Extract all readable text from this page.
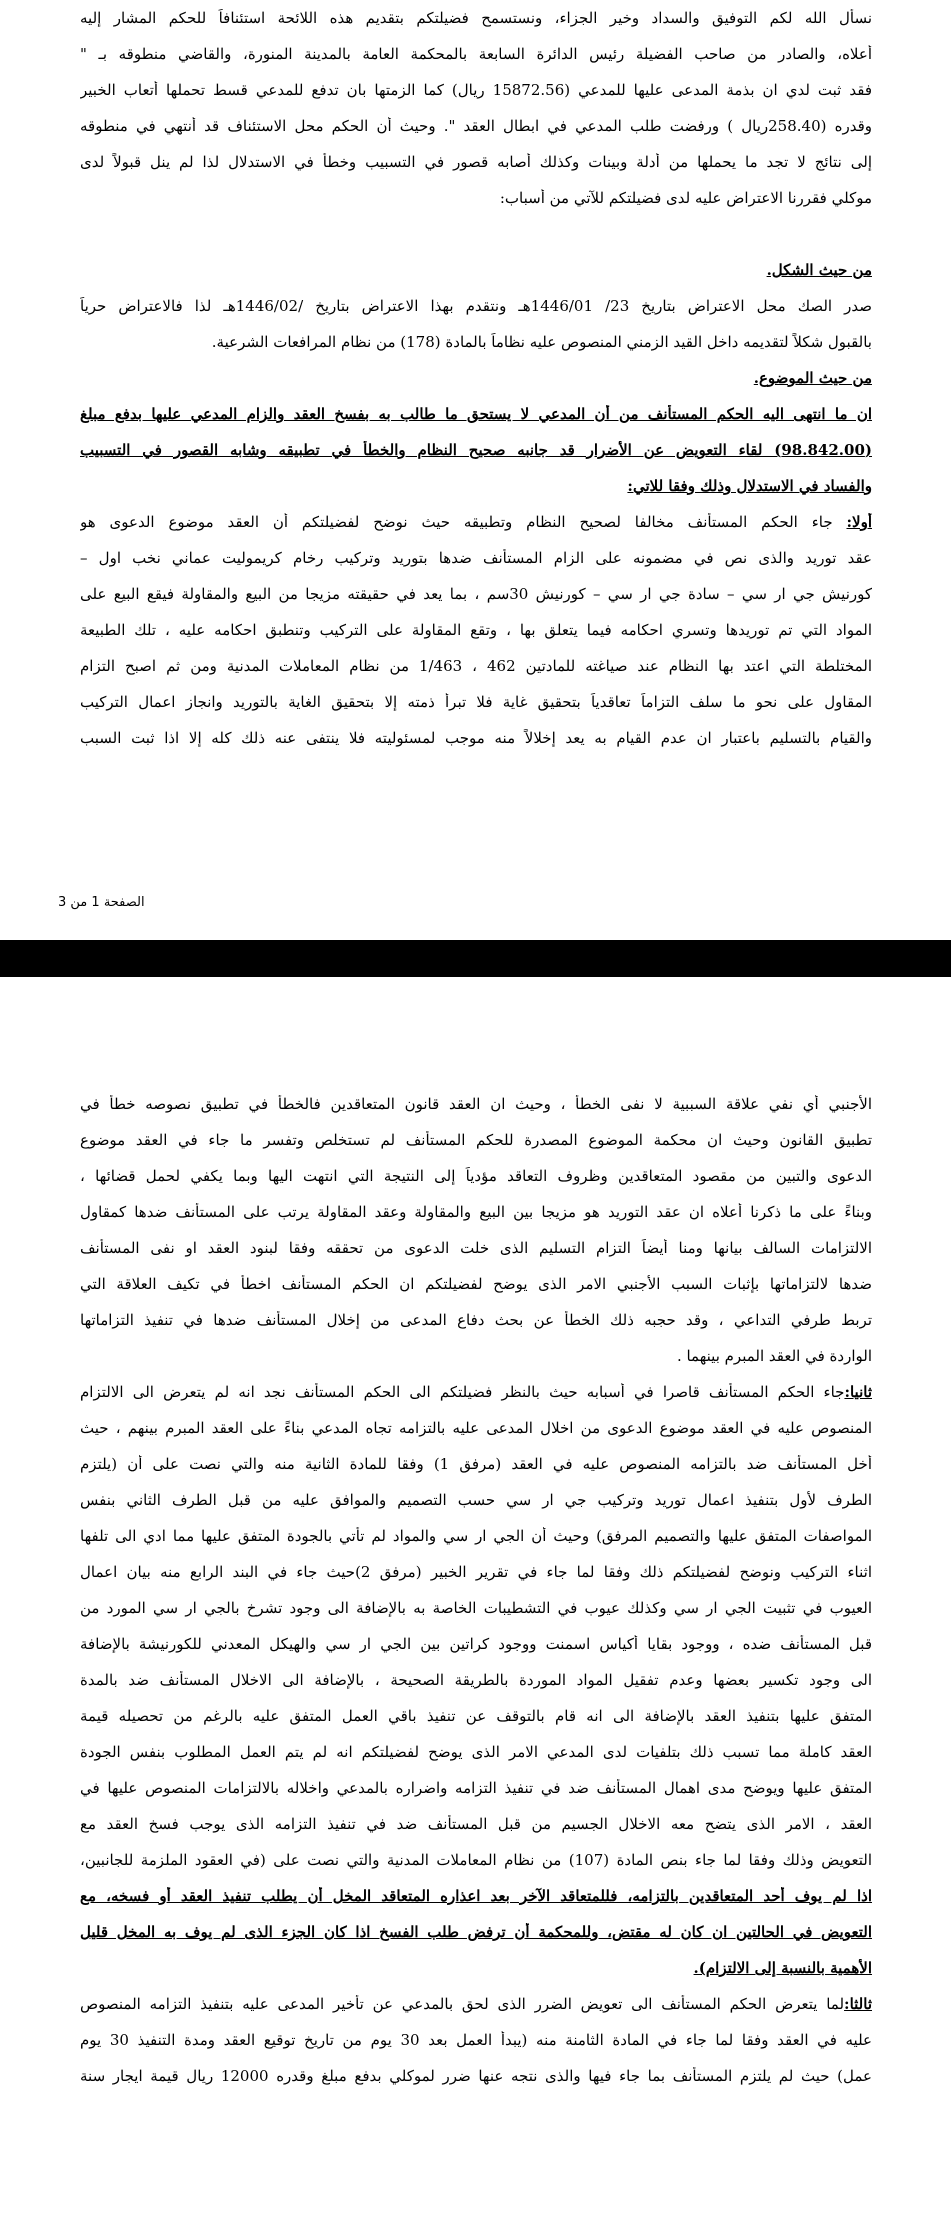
نسأل الله لكم التوفيق والسداد وخير الجزاء، ونستسمح فضيلتكم بتقديم هذه اللائحة استئنافاً للحكم المشار إليه
أعلاه، والصادر من صاحب الفضيلة رئيس الدائرة السابعة بالمحكمة العامة بالمدينة المنورة، والقاضي منطوقه بـ "
فقد ثبت لدي ان بذمة المدعى عليها للمدعي (15872.56 ريال) كما الزمتها بان تدفع للمدعي قسط تحملها أتعاب الخبير
وقدره (258.40ريال ) ورفضت طلب المدعي في ابطال العقد ". وحيث أن الحكم محل الاستئناف قد أنتهي في منطوقه
إلى نتائج لا تجد ما يحملها من أدلة وبينات وكذلك أصابه قصور في التسبيب وخطأ في الاستدلال لذا لم ينل قبولاً لدى
موكلي فقررنا الاعتراض عليه لدى فضيلتكم للآتي من أسباب:
من حيث الشكل.
صدر الصك محل الاعتراض بتاريخ 23/ 1446/01هـ ونتقدم بهذا الاعتراض بتاريخ /1446/02هـ لذا فالاعتراض حرياً
بالقبول شكلاً لتقديمه داخل القيد الزمني المنصوص عليه نظاماً بالمادة (178) من نظام المرافعات الشرعية.
من حيث الموضوع.
ان ما انتهى اليه الحكم المستأنف من أن المدعي لا يستحق ما طالب به بفسخ العقد والزام المدعي عليها بدفع مبلغ
(98.842.00) لقاء التعويض عن الأضرار قد جانبه صحيح النظام والخطأ في تطبيقه وشابه القصور في التسبيب
والفساد في الاستدلال وذلك وفقا للاتي:
أولا: جاء الحكم المستأنف مخالفا لصحيح النظام وتطبيقه حيث نوضح لفضيلتكم أن العقد موضوع الدعوى هو
عقد توريد والذى نص في مضمونه على الزام المستأنف ضدها بتوريد وتركيب رخام كريموليت عماني نخب اول –
كورنيش جي ار سي – سادة جي ار سي – كورنيش 30سم ، بما يعد في حقيقته مزيجا من البيع والمقاولة فيقع البيع على
المواد التي تم توريدها وتسري احكامه فيما يتعلق بها ، وتقع المقاولة على التركيب وتنطبق احكامه عليه ، تلك الطبيعة
المختلطة التي اعتد بها النظام عند صياغته للمادتين 462 ، 1/463 من نظام المعاملات المدنية ومن ثم اصبح التزام
المقاول على نحو ما سلف التزاماً تعاقدياً بتحقيق غاية فلا تبرأ ذمته إلا بتحقيق الغاية بالتوريد وانجاز اعمال التركيب
والقيام بالتسليم باعتبار ان عدم القيام به يعد إخلالاً منه موجب لمسئوليته فلا ينتفى عنه ذلك كله إلا اذا ثبت السبب
الصفحة 1 من 3
الأجنبي أي نفي علاقة السببية لا نفى الخطأ ، وحيث ان العقد قانون المتعاقدين فالخطأ في تطبيق نصوصه خطأ في
تطبيق القانون وحيث ان محكمة الموضوع المصدرة للحكم المستأنف لم تستخلص وتفسر ما جاء في العقد موضوع
الدعوى والتبين من مقصود المتعاقدين وظروف التعاقد مؤدياً إلى النتيجة التي انتهت اليها وبما يكفي لحمل قضائها ،
وبناءً على ما ذكرنا أعلاه ان عقد التوريد هو مزيجا بين البيع والمقاولة وعقد المقاولة يرتب على المستأنف ضدها كمقاول
الالتزامات السالف بيانها ومنا أيضاً التزام التسليم الذى خلت الدعوى من تحققه وفقا لبنود العقد او نفى المستأنف
ضدها لالتزاماتها بإثبات السبب الأجنبي الامر الذى يوضح لفضيلتكم ان الحكم المستأنف اخطأ في تكيف العلاقة التي
تربط طرفي التداعي ، وقد حجبه ذلك الخطأ عن بحث دفاع المدعى من إخلال المستأنف ضدها في تنفيذ التزاماتها
الواردة في العقد المبرم بينهما .
ثانيا:جاء الحكم المستأنف قاصرا في أسبابه حيث بالنظر فضيلتكم الى الحكم المستأنف نجد انه لم يتعرض الى الالتزام
المنصوص عليه في العقد موضوع الدعوى من اخلال المدعى عليه بالتزامه تجاه المدعي بناءً على العقد المبرم بينهم ، حيث
أخل المستأنف ضد بالتزامه المنصوص عليه في العقد (مرفق 1) وفقا للمادة الثانية منه والتي نصت على أن (يلتزم
الطرف لأول بتنفيذ اعمال توريد وتركيب جي ار سي حسب التصميم والموافق عليه من قبل الطرف الثاني بنفس
المواصفات المتفق عليها والتصميم المرفق) وحيث أن الجي ار سي والمواد لم تأتي بالجودة المتفق عليها مما ادي الى تلفها
اثناء التركيب ونوضح لفضيلتكم ذلك وفقا لما جاء في تقرير الخبير (مرفق 2)حيث جاء في البند الرابع منه بيان اعمال
العيوب في تثبيت الجي ار سي وكذلك عيوب في التشطيبات الخاصة به بالإضافة الى وجود تشرخ بالجي ار سي المورد من
قبل المستأنف ضده ، ووجود بقايا أكياس اسمنت ووجود كراتين بين الجي ار سي والهيكل المعدني للكورنيشة بالإضافة
الى وجود تكسير بعضها وعدم تفقيل المواد الموردة بالطريقة الصحيحة ، بالإضافة الى الاخلال المستأنف ضد بالمدة
المتفق عليها بتنفيذ العقد بالإضافة الى انه قام بالتوقف عن تنفيذ باقي العمل المتفق عليه بالرغم من تحصيله قيمة
العقد كاملة مما تسبب ذلك بتلفيات لدى المدعي الامر الذى يوضح لفضيلتكم انه لم يتم العمل المطلوب بنفس الجودة
المتفق عليها ويوضح مدى اهمال المستأنف ضد في تنفيذ التزامه واضراره بالمدعي واخلاله بالالتزامات المنصوص عليها في
العقد ، الامر الذى يتضح معه الاخلال الجسيم من قبل المستأنف ضد في تنفيذ التزامه الذى يوجب فسخ العقد مع
التعويض وذلك وفقا لما جاء بنص المادة (107) من نظام المعاملات المدنية والتي نصت على (في العقود الملزمة للجانبين،
اذا لم يوف أحد المتعاقدين بالتزامه، فللمتعاقد الآخر بعد اعذاره المتعاقد المخل أن يطلب تنفيذ العقد أو فسخه، مع
التعويض في الحالتين ان كان له مقتض، وللمحكمة أن ترفض طلب الفسخ اذا كان الجزء الذى لم يوف به المخل قليل
الأهمية بالنسبة إلى الالتزام).
ثالثا:لما يتعرض الحكم المستأنف الى تعويض الضرر الذى لحق بالمدعي عن تأخير المدعى عليه بتنفيذ التزامه المنصوص
عليه في العقد وفقا لما جاء في المادة الثامنة منه (يبدأ العمل بعد 30 يوم من تاريخ توقيع العقد ومدة التنفيذ 30 يوم
عمل) حيث لم يلتزم المستأنف بما جاء فيها والذى نتجه عنها ضرر لموكلي بدفع مبلغ وقدره 12000 ريال قيمة ايجار سنة
